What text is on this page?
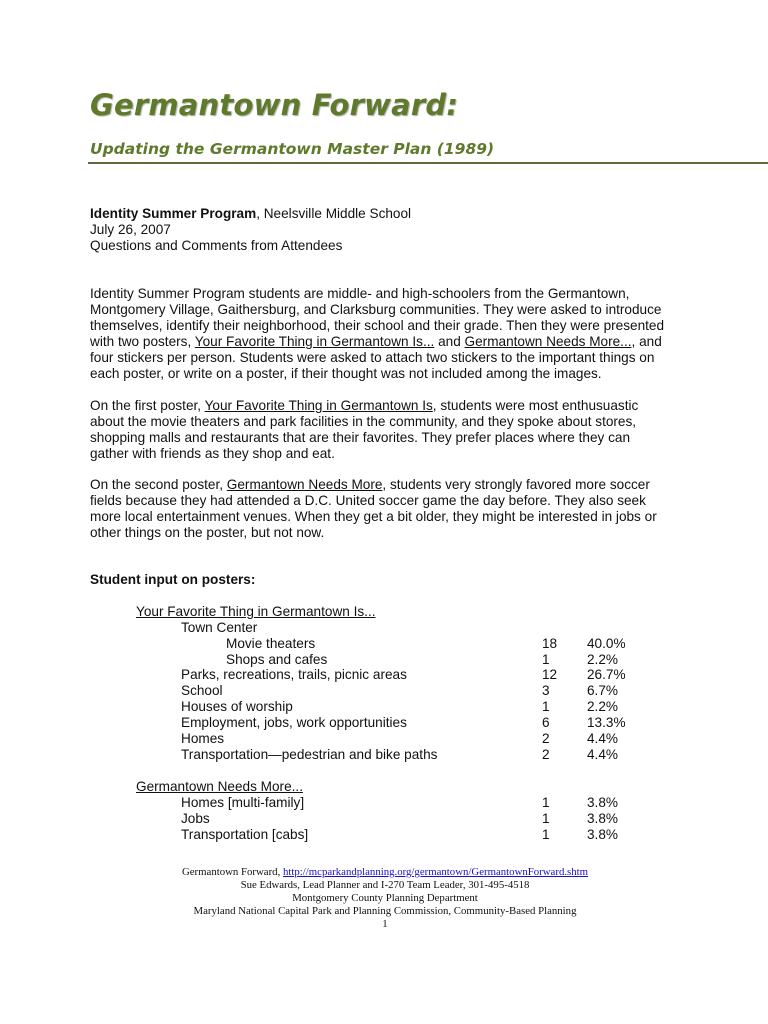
Germantown Forward:
Updating the Germantown Master Plan (1989)
Identity Summer Program, Neelsville Middle School
July 26, 2007
Questions and Comments from Attendees
Identity Summer Program students are middle- and high-schoolers from the Germantown,
Montgomery Village, Gaithersburg, and Clarksburg communities. They were asked to introduce
themselves, identify their neighborhood, their school and their grade. Then they were presented
with two posters, Your Favorite Thing in Germantown Is... and Germantown Needs More..., and
four stickers per person. Students were asked to attach two stickers to the important things on
each poster, or write on a poster, if their thought was not included among the images.
On the first poster, Your Favorite Thing in Germantown Is, students were most enthusuastic
about the movie theaters and park facilities in the community, and they spoke about stores,
shopping malls and restaurants that are their favorites. They prefer places where they can
gather with friends as they shop and eat.
On the second poster, Germantown Needs More, students very strongly favored more soccer
fields because they had attended a D.C. United soccer game the day before. They also seek
more local entertainment venues. When they get a bit older, they might be interested in jobs or
other things on the poster, but not now.
Student input on posters:
Your Favorite Thing in Germantown Is...
Town Center
Movie theaters	18 40.0%
Shops and cafes	1	2.2%
Parks, recreations, trails, picnic areas	12 26.7%
School	3	6.7%
Houses of worship	1	2.2%
Employment, jobs, work opportunities	6	13.3%
Homes	2	4.4%
Transportation—pedestrian and bike paths	2	4.4%
Germantown Needs More...
Homes [multi-family]	1	3.8%
Jobs	1	3.8%
Transportation [cabs]	1	3.8%
Germantown Forward, http://mcparkandplanning.org/germantown/GermantownForward.shtm
Sue Edwards, Lead Planner and I-270 Team Leader, 301-495-4518
Montgomery County Planning Department
Maryland National Capital Park and Planning Commission, Community-Based Planning
1
